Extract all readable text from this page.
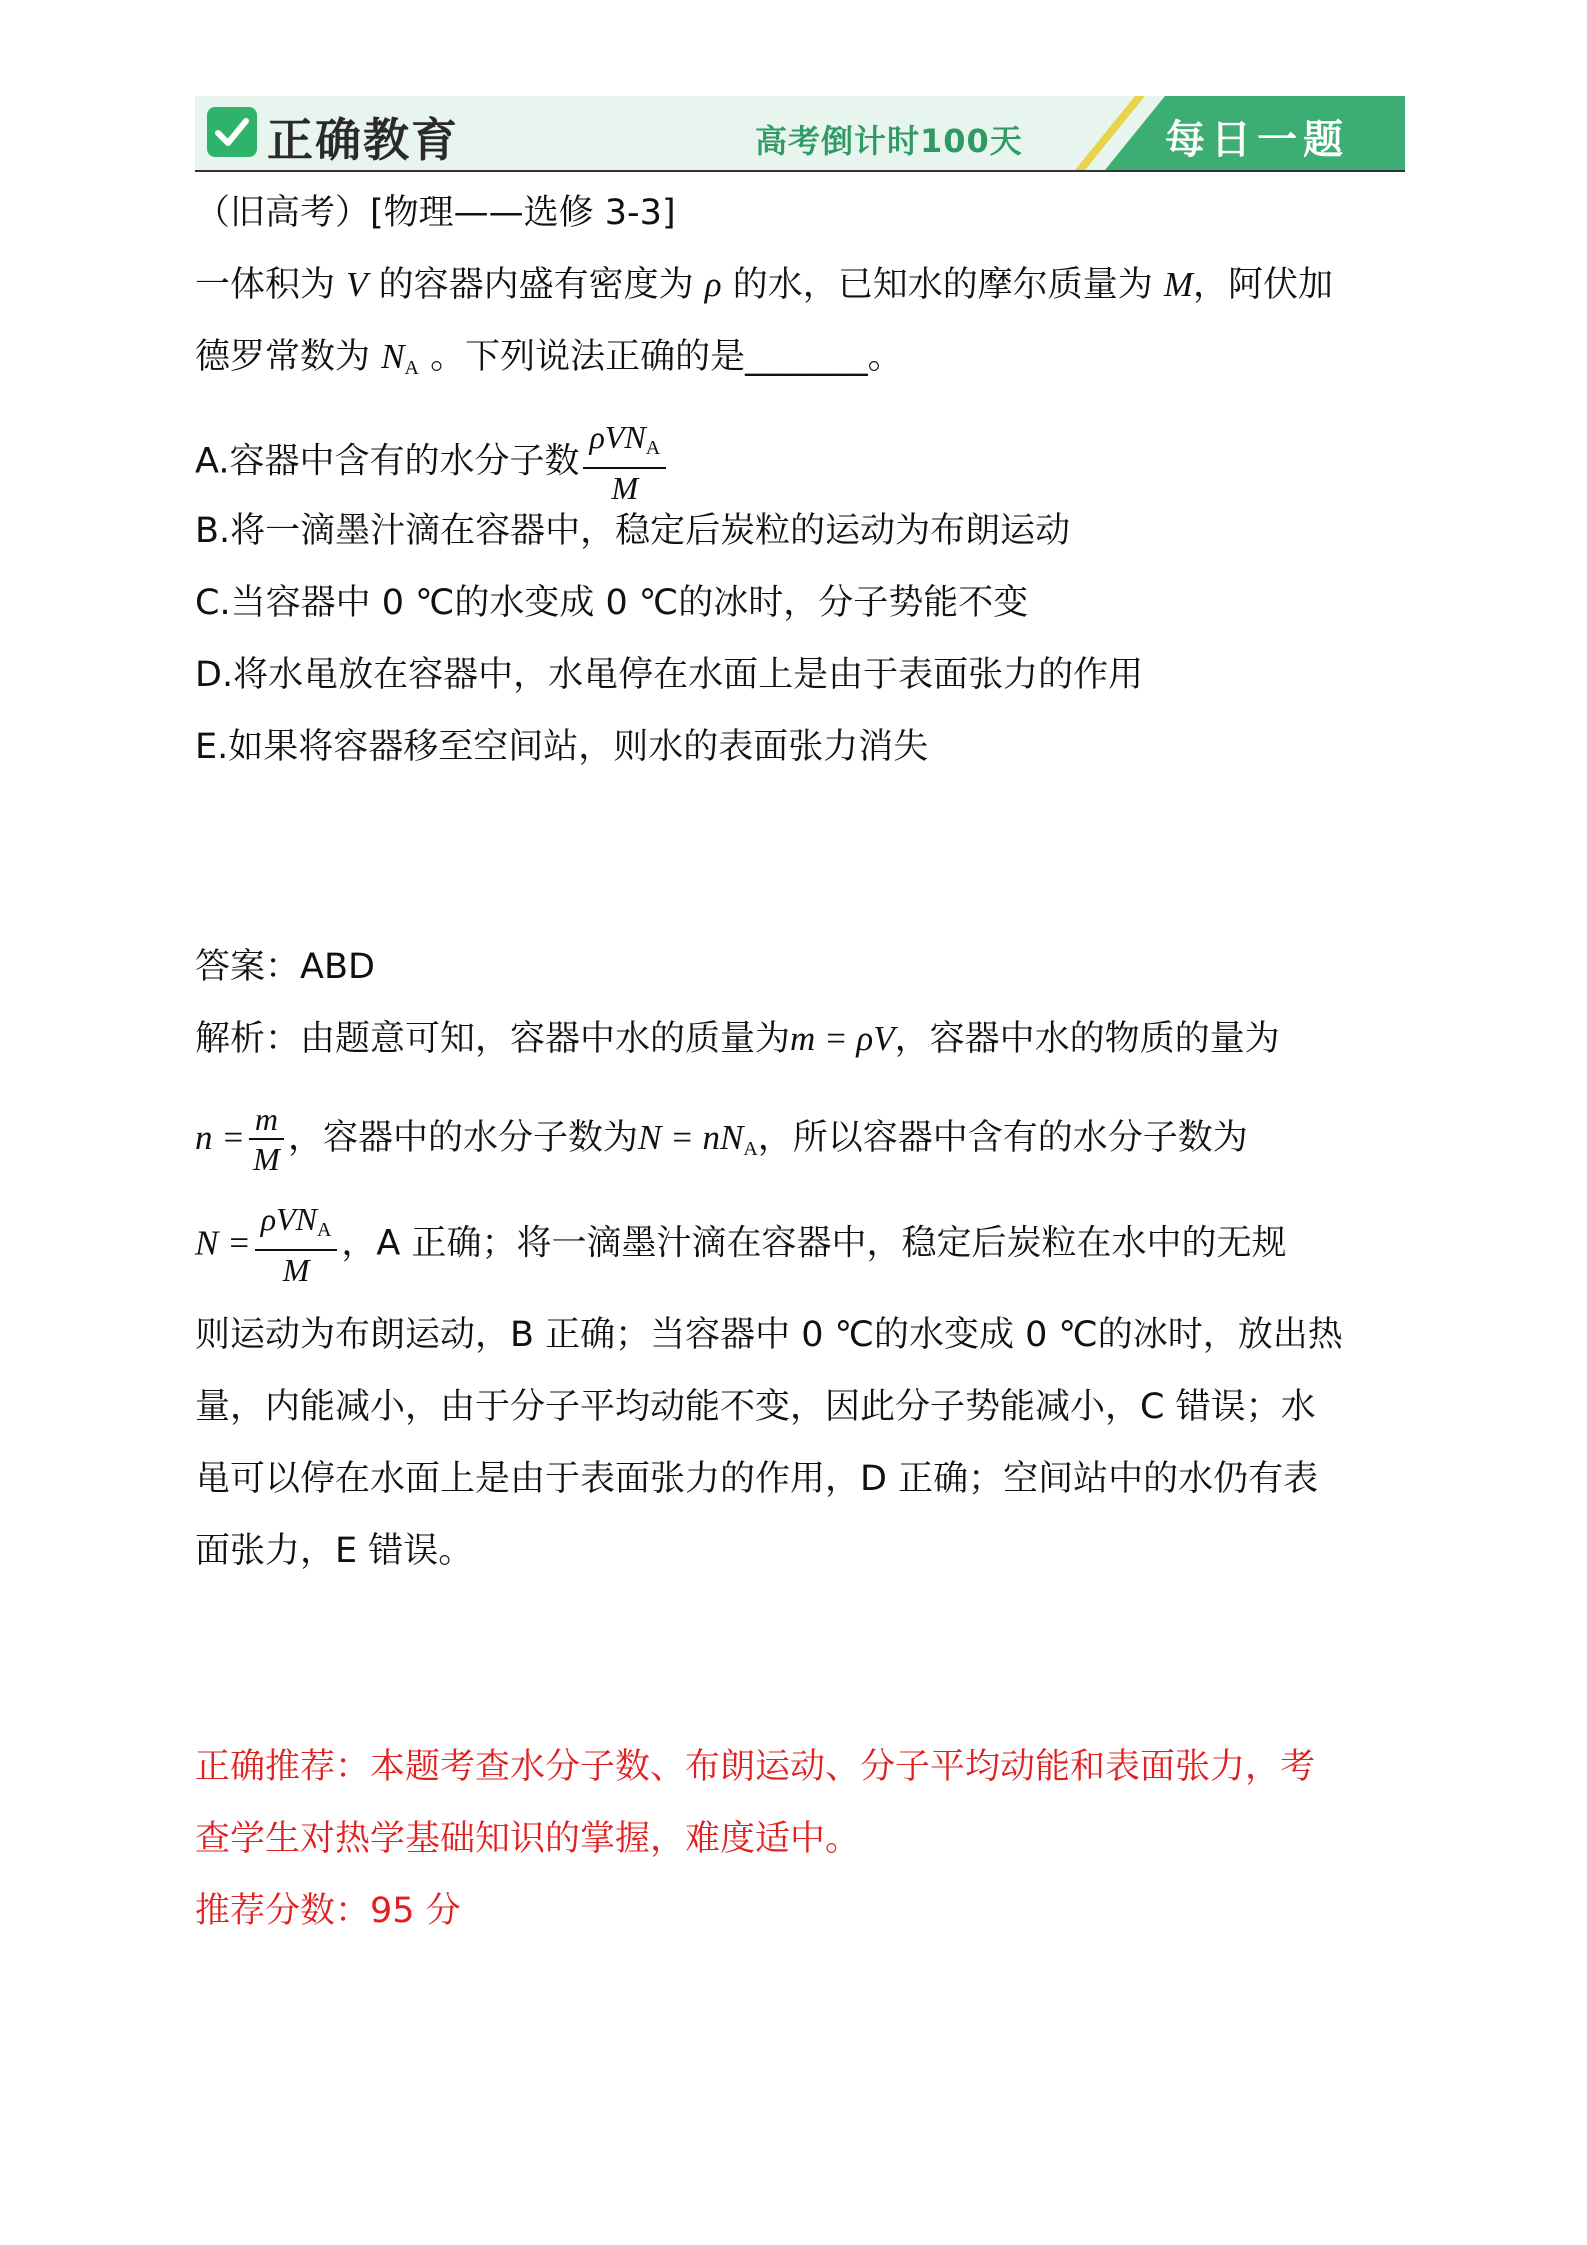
正确教育	高考倒计时100天	每日一题
（旧高考）[物理——选修 3-3]
一体积为 V 的容器内盛有密度为 ρ 的水，已知水的摩尔质量为 M，阿伏加
德罗常数为 $N_A$ 。下列说法正确的是_______。
A.容器中含有的水分子数 $\frac{\rho VN_A}{M}$
B.将一滴墨汁滴在容器中，稳定后炭粒的运动为布朗运动
C.当容器中 0 ℃的水变成 0 ℃的冰时，分子势能不变
D.将水黾放在容器中，水黾停在水面上是由于表面张力的作用
E.如果将容器移至空间站，则水的表面张力消失
答案：ABD
解析：由题意可知，容器中水的质量为m = ρV，容器中水的物质的量为
$n = \frac{m}{M}$ ，容器中的水分子数为$N = nN_A$，所以容器中含有的水分子数为
$N = \frac{\rho VN_A}{M}$ ，A 正确；将一滴墨汁滴在容器中，稳定后炭粒在水中的无规
则运动为布朗运动，B 正确；当容器中 0 ℃的水变成 0 ℃的冰时，放出热
量，内能减小，由于分子平均动能不变，因此分子势能减小，C 错误；水
黾可以停在水面上是由于表面张力的作用，D 正确；空间站中的水仍有表
面张力，E 错误。
正确推荐：本题考查水分子数、布朗运动、分子平均动能和表面张力，考
查学生对热学基础知识的掌握，难度适中。
推荐分数：95 分
